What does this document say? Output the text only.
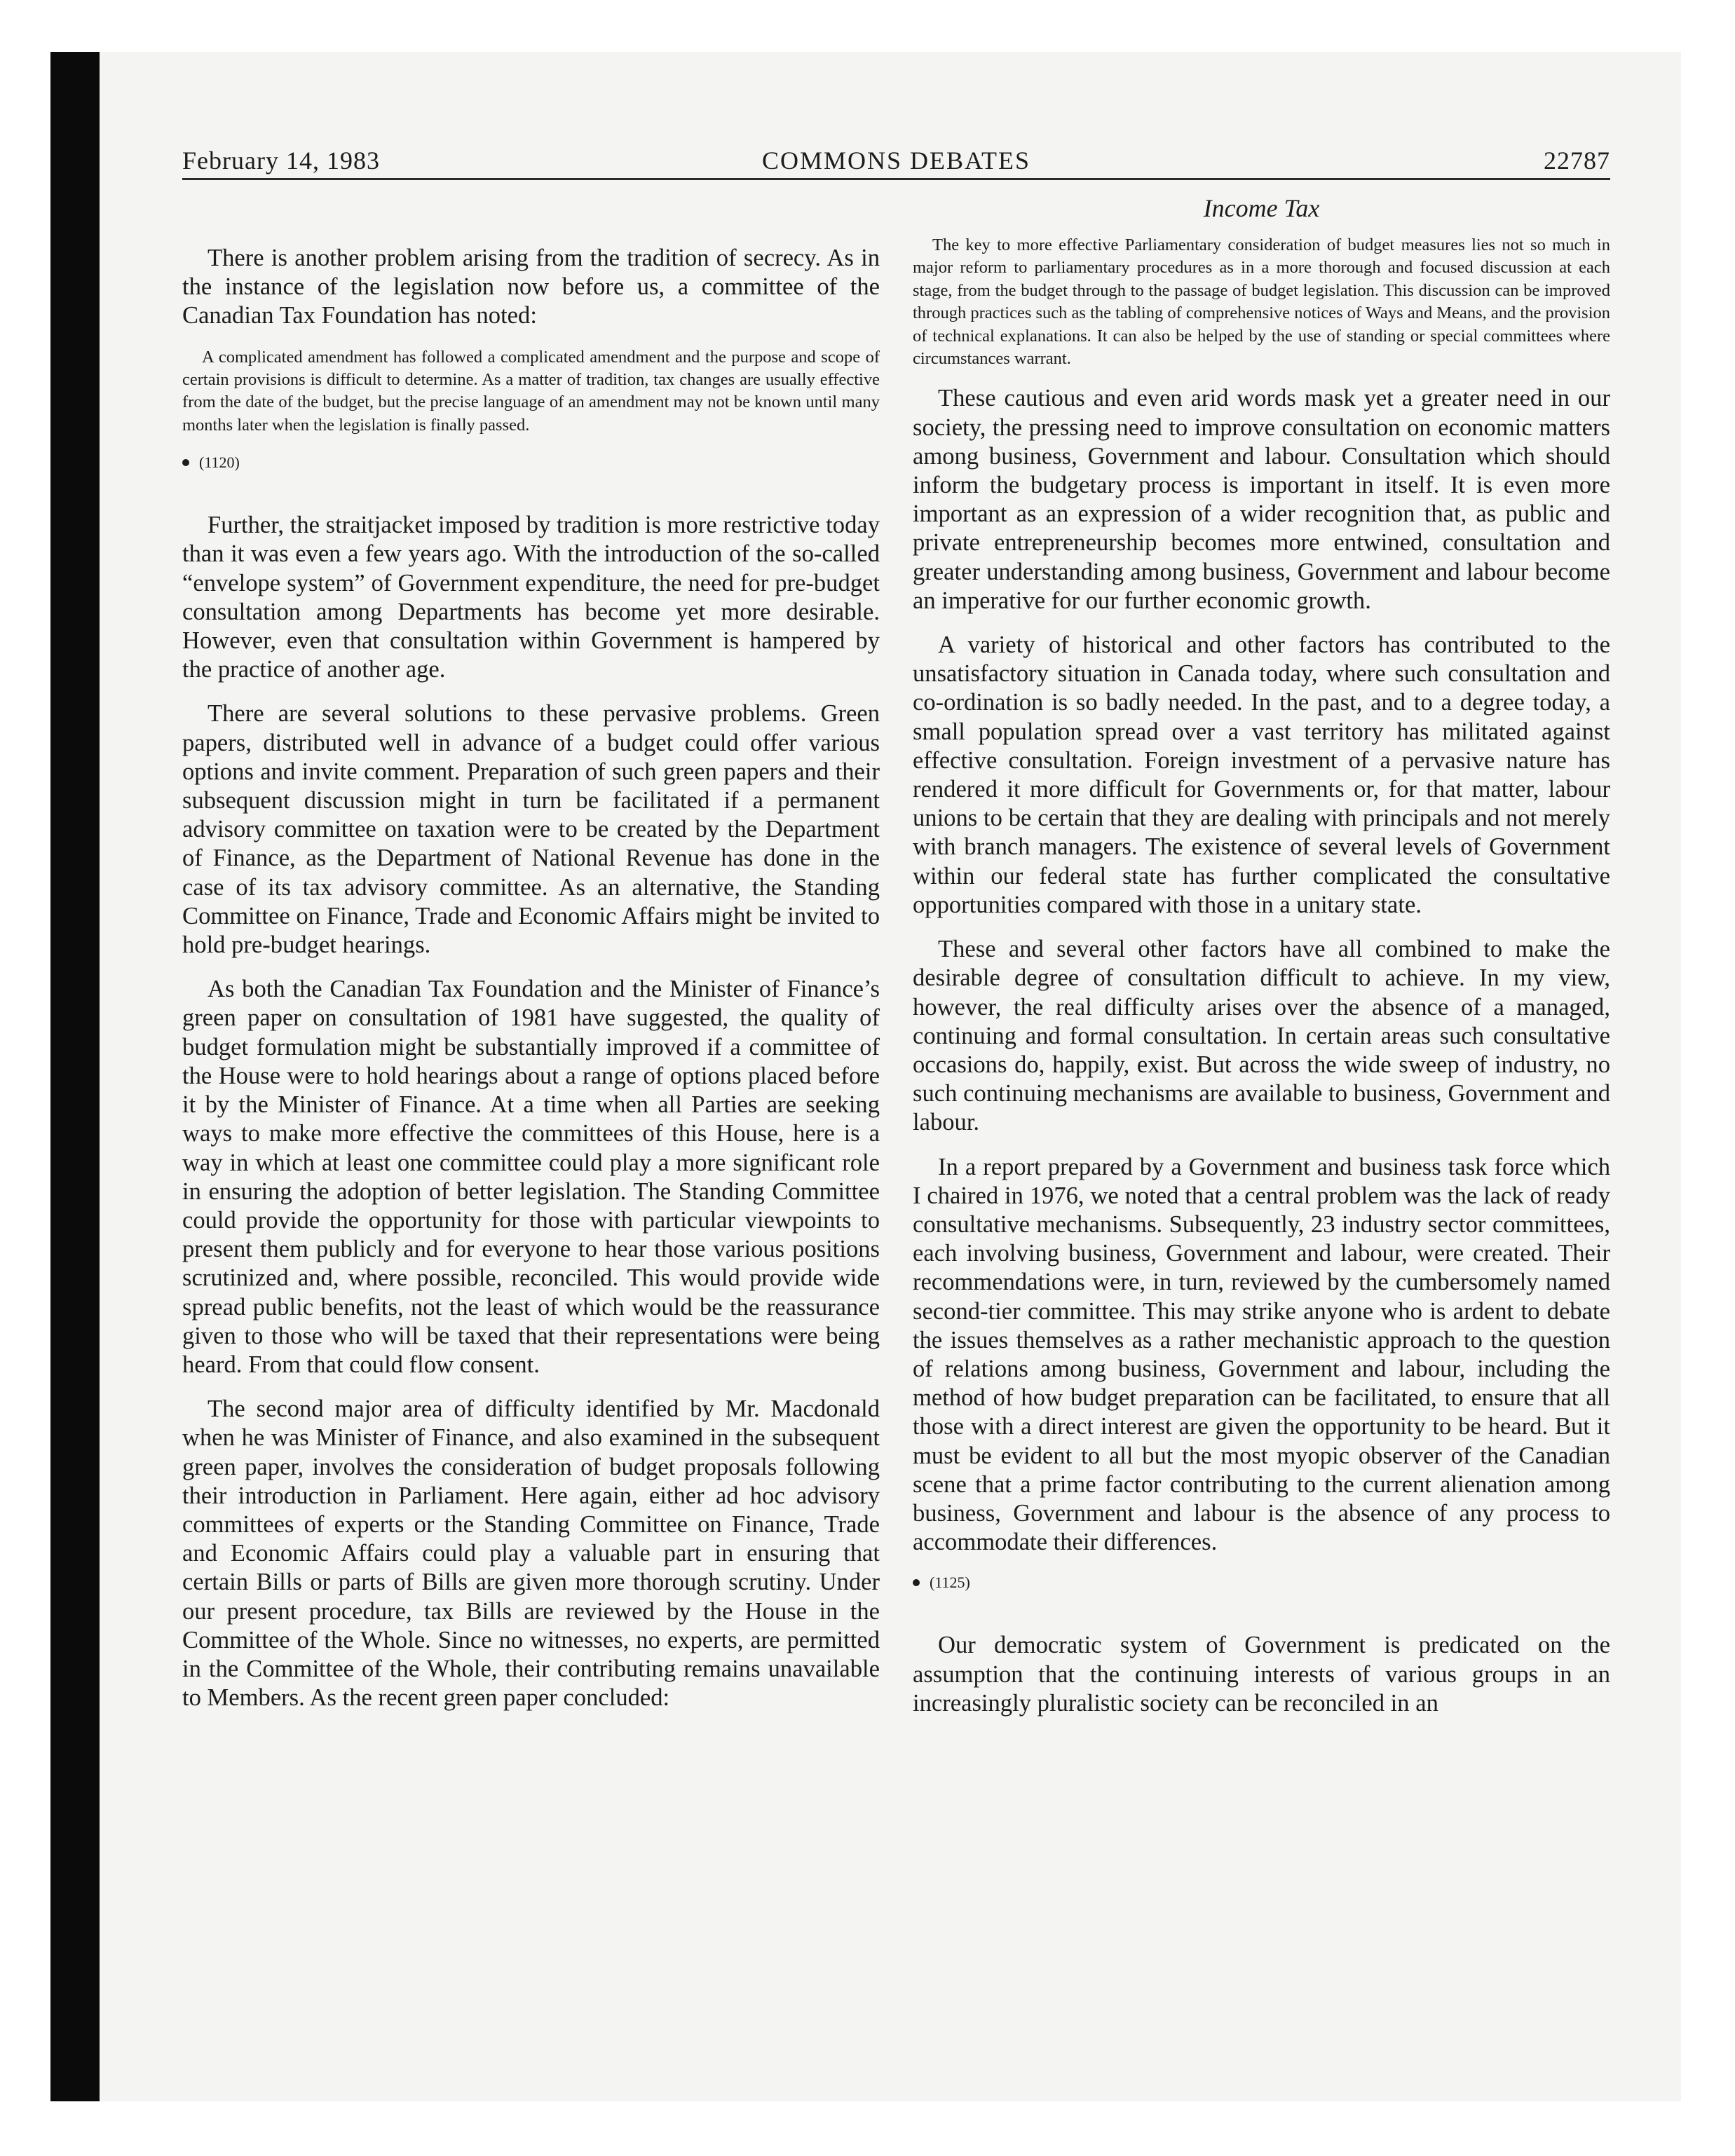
February 14, 1983	COMMONS DEBATES	22787

There is another problem arising from the tradition of secrecy. As in the instance of the legislation now before us, a committee of the Canadian Tax Foundation has noted:

A complicated amendment has followed a complicated amendment and the purpose and scope of certain provisions is difficult to determine. As a matter of tradition, tax changes are usually effective from the date of the budget, but the precise language of an amendment may not be known until many months later when the legislation is finally passed.

(1120)

Further, the straitjacket imposed by tradition is more restrictive today than it was even a few years ago. With the introduction of the so-called “envelope system” of Government expenditure, the need for pre-budget consultation among Departments has become yet more desirable. However, even that consultation within Government is hampered by the practice of another age.

There are several solutions to these pervasive problems. Green papers, distributed well in advance of a budget could offer various options and invite comment. Preparation of such green papers and their subsequent discussion might in turn be facilitated if a permanent advisory committee on taxation were to be created by the Department of Finance, as the Department of National Revenue has done in the case of its tax advisory committee. As an alternative, the Standing Committee on Finance, Trade and Economic Affairs might be invited to hold pre-budget hearings.

As both the Canadian Tax Foundation and the Minister of Finance’s green paper on consultation of 1981 have suggested, the quality of budget formulation might be substantially improved if a committee of the House were to hold hearings about a range of options placed before it by the Minister of Finance. At a time when all Parties are seeking ways to make more effective the committees of this House, here is a way in which at least one committee could play a more significant role in ensuring the adoption of better legislation. The Standing Committee could provide the opportunity for those with particular viewpoints to present them publicly and for everyone to hear those various positions scrutinized and, where possible, reconciled. This would provide wide spread public benefits, not the least of which would be the reassurance given to those who will be taxed that their representations were being heard. From that could flow consent.

The second major area of difficulty identified by Mr. Macdonald when he was Minister of Finance, and also examined in the subsequent green paper, involves the consideration of budget proposals following their introduction in Parliament. Here again, either ad hoc advisory committees of experts or the Standing Committee on Finance, Trade and Economic Affairs could play a valuable part in ensuring that certain Bills or parts of Bills are given more thorough scrutiny. Under our present procedure, tax Bills are reviewed by the House in the Committee of the Whole. Since no witnesses, no experts, are permitted in the Committee of the Whole, their contributing remains unavailable to Members. As the recent green paper concluded:

Income Tax

The key to more effective Parliamentary consideration of budget measures lies not so much in major reform to parliamentary procedures as in a more thorough and focused discussion at each stage, from the budget through to the passage of budget legislation. This discussion can be improved through practices such as the tabling of comprehensive notices of Ways and Means, and the provision of technical explanations. It can also be helped by the use of standing or special committees where circumstances warrant.

These cautious and even arid words mask yet a greater need in our society, the pressing need to improve consultation on economic matters among business, Government and labour. Consultation which should inform the budgetary process is important in itself. It is even more important as an expression of a wider recognition that, as public and private entrepreneurship becomes more entwined, consultation and greater understanding among business, Government and labour become an imperative for our further economic growth.

A variety of historical and other factors has contributed to the unsatisfactory situation in Canada today, where such consultation and co-ordination is so badly needed. In the past, and to a degree today, a small population spread over a vast territory has militated against effective consultation. Foreign investment of a pervasive nature has rendered it more difficult for Governments or, for that matter, labour unions to be certain that they are dealing with principals and not merely with branch managers. The existence of several levels of Government within our federal state has further complicated the consultative opportunities compared with those in a unitary state.

These and several other factors have all combined to make the desirable degree of consultation difficult to achieve. In my view, however, the real difficulty arises over the absence of a managed, continuing and formal consultation. In certain areas such consultative occasions do, happily, exist. But across the wide sweep of industry, no such continuing mechanisms are available to business, Government and labour.

In a report prepared by a Government and business task force which I chaired in 1976, we noted that a central problem was the lack of ready consultative mechanisms. Subsequently, 23 industry sector committees, each involving business, Government and labour, were created. Their recommendations were, in turn, reviewed by the cumbersomely named second-tier committee. This may strike anyone who is ardent to debate the issues themselves as a rather mechanistic approach to the question of relations among business, Government and labour, including the method of how budget preparation can be facilitated, to ensure that all those with a direct interest are given the opportunity to be heard. But it must be evident to all but the most myopic observer of the Canadian scene that a prime factor contributing to the current alienation among business, Government and labour is the absence of any process to accommodate their differences.

(1125)

Our democratic system of Government is predicated on the assumption that the continuing interests of various groups in an increasingly pluralistic society can be reconciled in an
